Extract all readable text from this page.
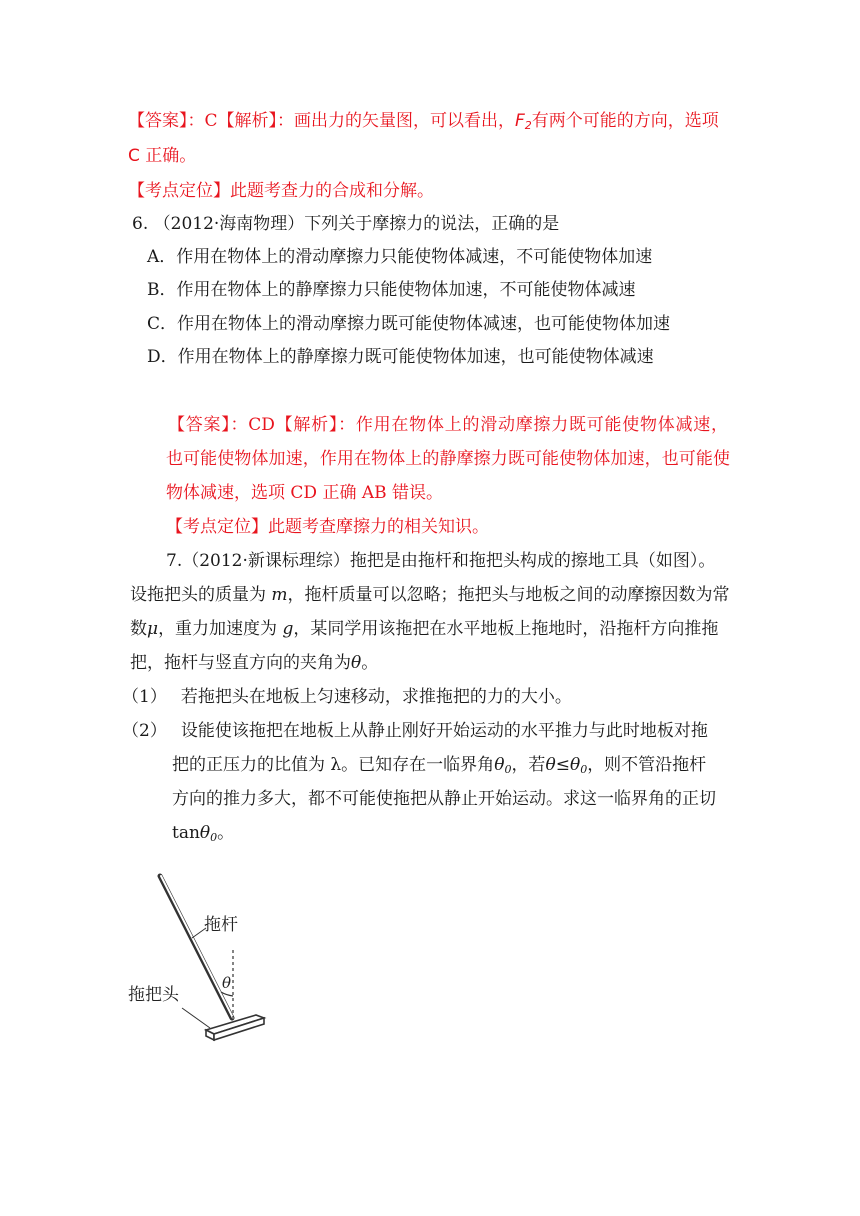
【答案】：C【解析】：画出力的矢量图，可以看出，$F_2$有两个可能的方向，选项
C 正确。
【考点定位】此题考查力的合成和分解。
6. （2012·海南物理）下列关于摩擦力的说法，正确的是
A．作用在物体上的滑动摩擦力只能使物体减速，不可能使物体加速
B．作用在物体上的静摩擦力只能使物体加速，不可能使物体减速
C．作用在物体上的滑动摩擦力既可能使物体减速，也可能使物体加速
D．作用在物体上的静摩擦力既可能使物体加速，也可能使物体减速
【答案】：CD【解析】：作用在物体上的滑动摩擦力既可能使物体减速，
也可能使物体加速，作用在物体上的静摩擦力既可能使物体加速，也可能使
物体减速，选项 CD 正确 AB 错误。
【考点定位】此题考查摩擦力的相关知识。
7.（2012·新课标理综）拖把是由拖杆和拖把头构成的擦地工具（如图）。
设拖把头的质量为 m，拖杆质量可以忽略；拖把头与地板之间的动摩擦因数为常
数μ，重力加速度为 g，某同学用该拖把在水平地板上拖地时，沿拖杆方向推拖
把，拖杆与竖直方向的夹角为θ。
（1） 若拖把头在地板上匀速移动，求推拖把的力的大小。
（2） 设能使该拖把在地板上从静止刚好开始运动的水平推力与此时地板对拖
把的正压力的比值为 λ。已知存在一临界角$\theta_0$，若$\theta\le\theta_0$，则不管沿拖杆
方向的推力多大，都不可能使拖把从静止开始运动。求这一临界角的正切
tanθ$_0$。
拖杆
θ
拖把头
